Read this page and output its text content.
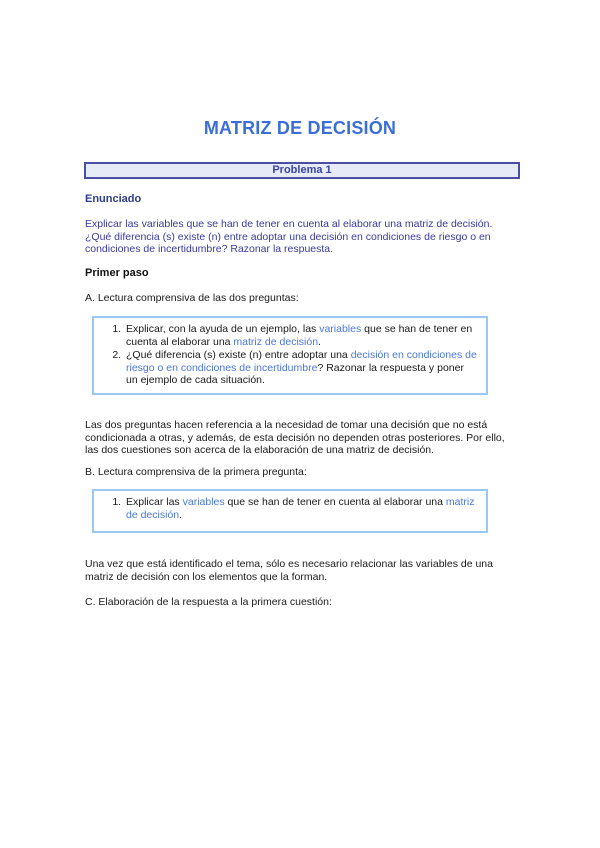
MATRIZ DE DECISIÓN
Problema 1
Enunciado
Explicar las variables que se han de tener en cuenta al elaborar una matriz de decisión. ¿Qué diferencia (s) existe (n) entre adoptar una decisión en condiciones de riesgo o en condiciones de incertidumbre? Razonar la respuesta.
Primer paso
A. Lectura comprensiva de las dos preguntas:
1. Explicar, con la ayuda de un ejemplo, las variables que se han de tener en cuenta al elaborar una matriz de decisión.
2. ¿Qué diferencia (s) existe (n) entre adoptar una decisión en condiciones de riesgo o en condiciones de incertidumbre? Razonar la respuesta y poner un ejemplo de cada situación.
Las dos preguntas hacen referencia a la necesidad de tomar una decisión que no está condicionada a otras, y además, de esta decisión no dependen otras posteriores. Por ello, las dos cuestiones son acerca de la elaboración de una matriz de decisión.
B. Lectura comprensiva de la primera pregunta:
1. Explicar las variables que se han de tener en cuenta al elaborar una matriz de decisión.
Una vez que está identificado el tema, sólo es necesario relacionar las variables de una matriz de decisión con los elementos que la forman.
C. Elaboración de la respuesta a la primera cuestión:
